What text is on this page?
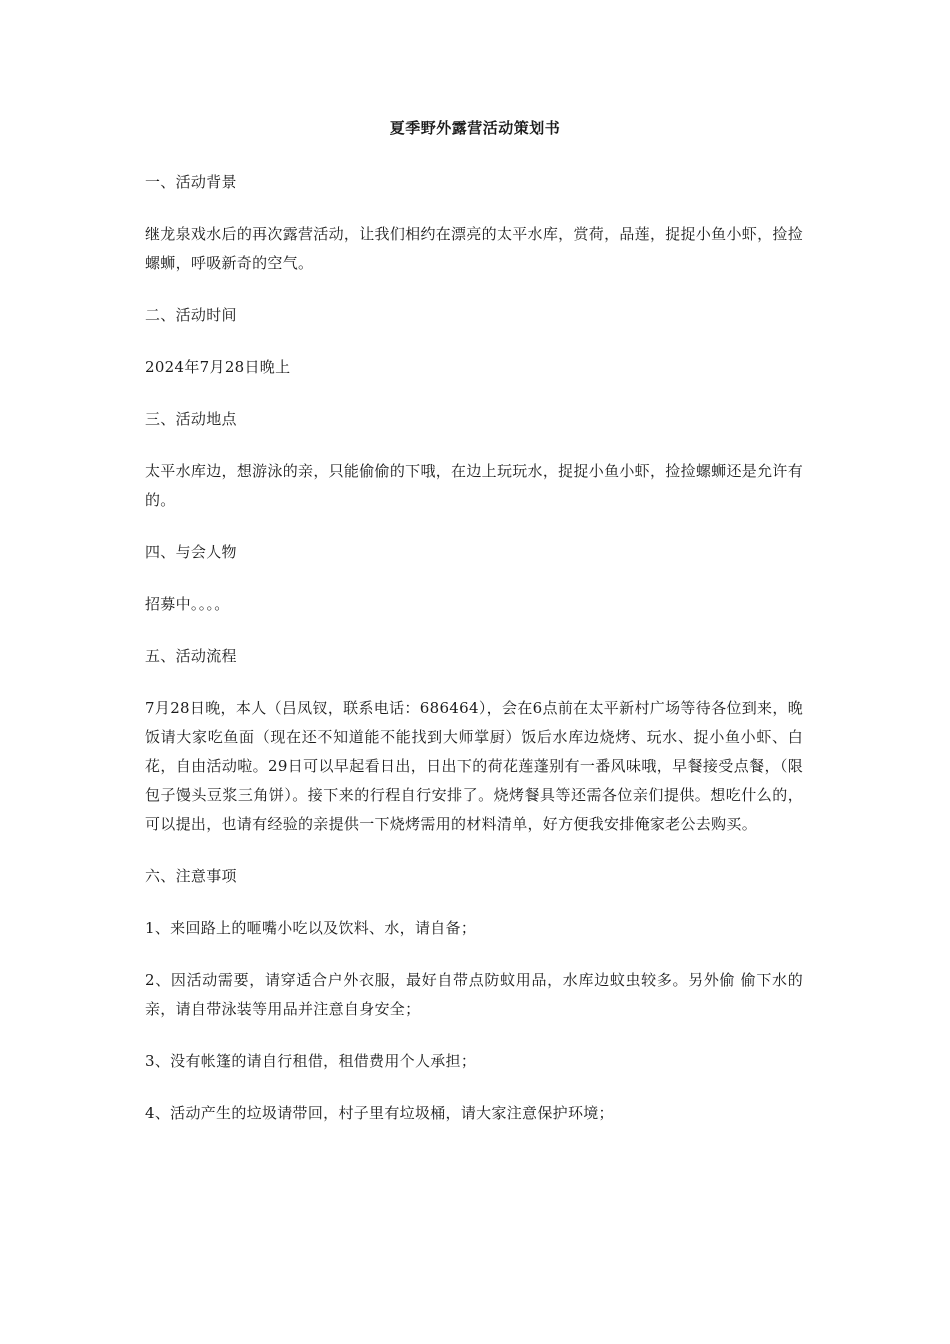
夏季野外露营活动策划书

一、活动背景

继龙泉戏水后的再次露营活动，让我们相约在漂亮的太平水库，赏荷，品莲，捉捉小鱼小虾，捡捡螺蛳，呼吸新奇的空气。

二、活动时间

2024年7月28日晚上

三、活动地点

太平水库边，想游泳的亲，只能偷偷的下哦，在边上玩玩水，捉捉小鱼小虾，捡捡螺蛳还是允许有的。

四、与会人物

招募中。。。。

五、活动流程

7月28日晚，本人（吕凤钗，联系电话：686464），会在6点前在太平新村广场等待各位到来，晚饭请大家吃鱼面（现在还不知道能不能找到大师掌厨）饭后水库边烧烤、玩水、捉小鱼小虾、白花，自由活动啦。29日可以早起看日出，日出下的荷花莲蓬别有一番风味哦，早餐接受点餐，（限包子馒头豆浆三角饼）。接下来的行程自行安排了。烧烤餐具等还需各位亲们提供。想吃什么的，可以提出，也请有经验的亲提供一下烧烤需用的材料清单，好方便我安排俺家老公去购买。

六、注意事项

1、来回路上的咂嘴小吃以及饮料、水，请自备；

2、因活动需要，请穿适合户外衣服，最好自带点防蚊用品，水库边蚊虫较多。另外偷 偷下水的亲，请自带泳装等用品并注意自身安全；

3、没有帐篷的请自行租借，租借费用个人承担；

4、活动产生的垃圾请带回，村子里有垃圾桶，请大家注意保护环境；
